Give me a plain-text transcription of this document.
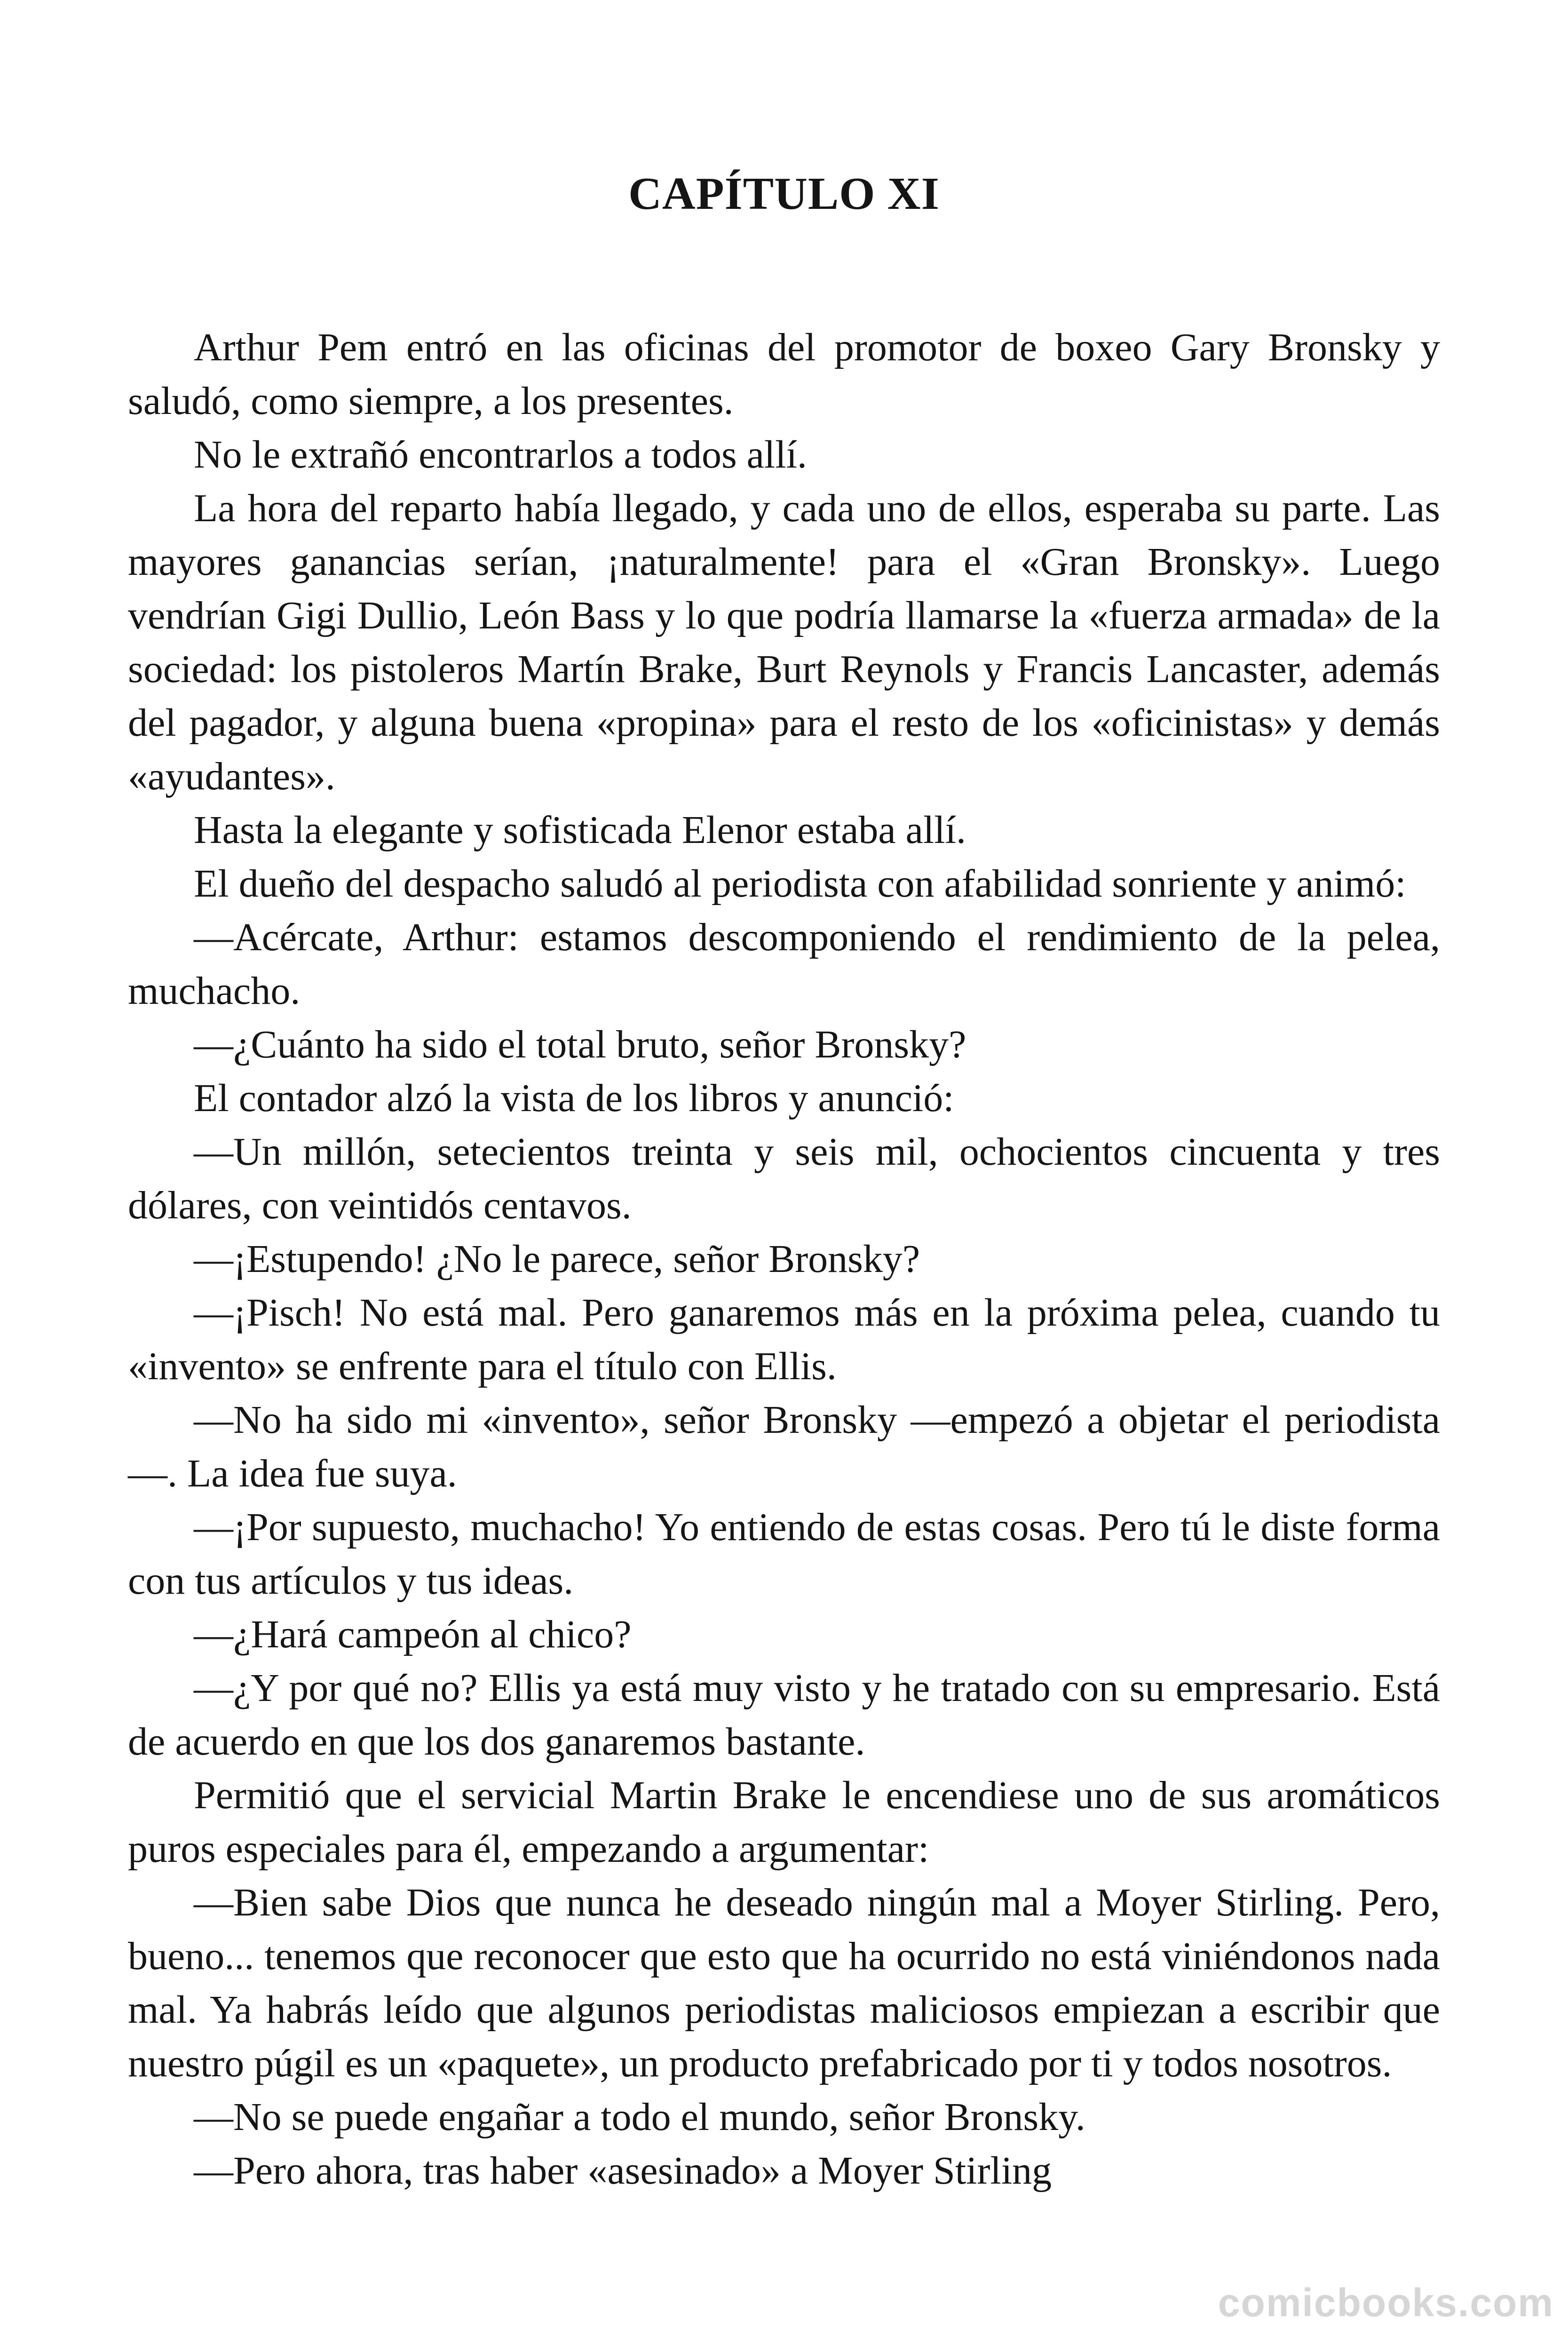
CAPÍTULO XI

Arthur Pem entró en las oficinas del promotor de boxeo Gary Bronsky y saludó, como siempre, a los presentes.

No le extrañó encontrarlos a todos allí.

La hora del reparto había llegado, y cada uno de ellos, esperaba su parte. Las mayores ganancias serían, ¡naturalmente! para el «Gran Bronsky». Luego vendrían Gigi Dullio, León Bass y lo que podría llamarse la «fuerza armada» de la sociedad: los pistoleros Martín Brake, Burt Reynols y Francis Lancaster, además del pagador, y alguna buena «propina» para el resto de los «oficinistas» y demás «ayudantes».

Hasta la elegante y sofisticada Elenor estaba allí.

El dueño del despacho saludó al periodista con afabilidad sonriente y animó:

—Acércate, Arthur: estamos descomponiendo el rendimiento de la pelea, muchacho.

—¿Cuánto ha sido el total bruto, señor Bronsky?

El contador alzó la vista de los libros y anunció:

—Un millón, setecientos treinta y seis mil, ochocientos cincuenta y tres dólares, con veintidós centavos.

—¡Estupendo! ¿No le parece, señor Bronsky?

—¡Pisch! No está mal. Pero ganaremos más en la próxima pelea, cuando tu «invento» se enfrente para el título con Ellis.

—No ha sido mi «invento», señor Bronsky —empezó a objetar el periodista—. La idea fue suya.

—¡Por supuesto, muchacho! Yo entiendo de estas cosas. Pero tú le diste forma con tus artículos y tus ideas.

—¿Hará campeón al chico?

—¿Y por qué no? Ellis ya está muy visto y he tratado con su empresario. Está de acuerdo en que los dos ganaremos bastante.

Permitió que el servicial Martin Brake le encendiese uno de sus aromáticos puros especiales para él, empezando a argumentar:

—Bien sabe Dios que nunca he deseado ningún mal a Moyer Stirling. Pero, bueno... tenemos que reconocer que esto que ha ocurrido no está viniéndonos nada mal. Ya habrás leído que algunos periodistas maliciosos empiezan a escribir que nuestro púgil es un «paquete», un producto prefabricado por ti y todos nosotros.

—No se puede engañar a todo el mundo, señor Bronsky.

—Pero ahora, tras haber «asesinado» a Moyer Stirling

comicbooks.com
